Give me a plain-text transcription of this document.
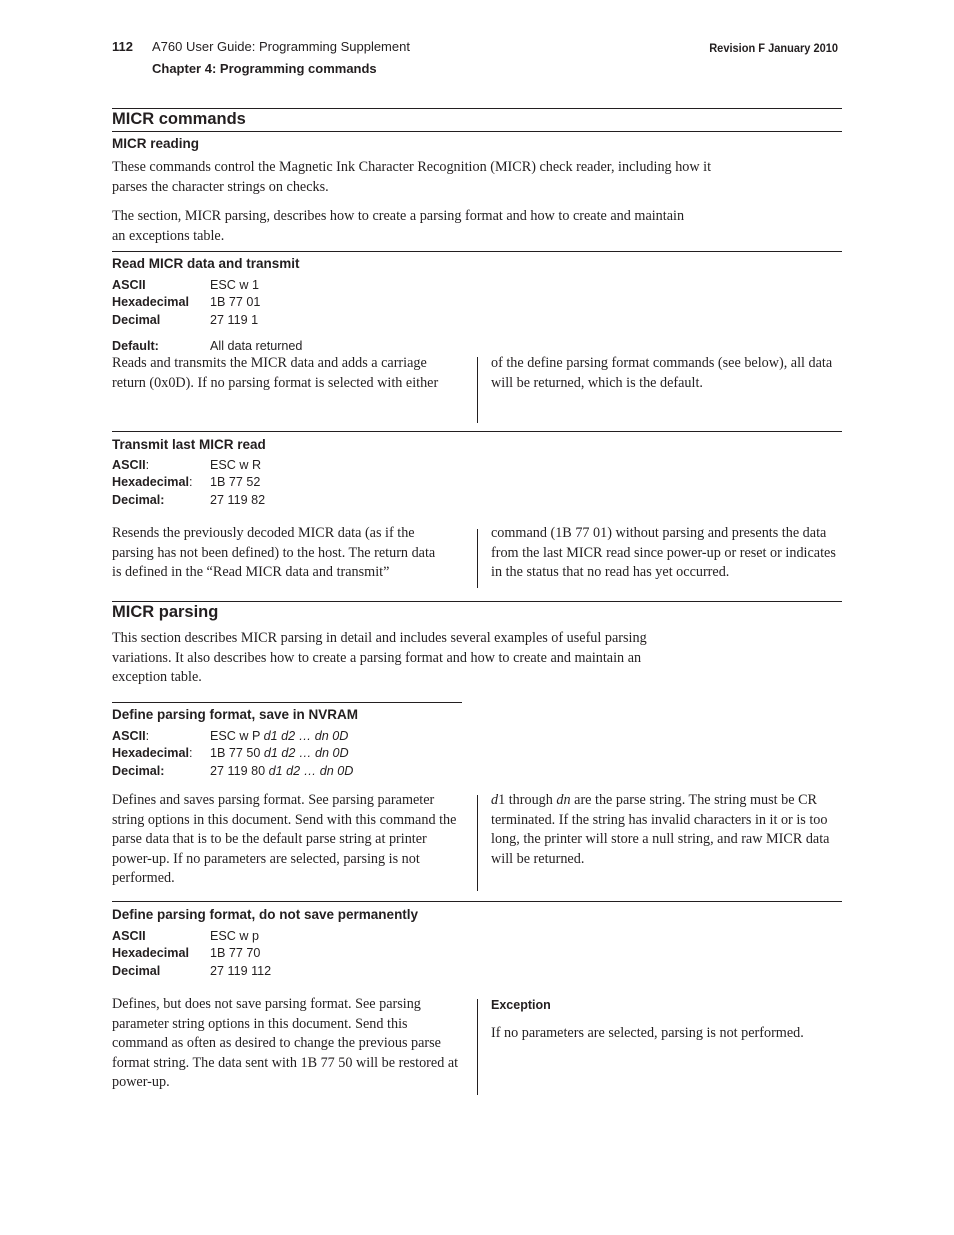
112 A760 User Guide: Programming Supplement
Chapter 4: Programming commands
Revision F January 2010
MICR commands
MICR reading
These commands control the Magnetic Ink Character Recognition (MICR) check reader, including how it parses the character strings on checks.
The section, MICR parsing, describes how to create a parsing format and how to create and maintain an exceptions table.
Read MICR data and transmit
ASCII	ESC w 1
Hexadecimal	1B 77 01
Decimal	27 119 1
Default:	All data returned
Reads and transmits the MICR data and adds a carriage return (0x0D). If no parsing format is selected with either
of the define parsing format commands (see below), all data will be returned, which is the default.
Transmit last MICR read
ASCII:	ESC w R
Hexadecimal:	1B 77 52
Decimal:	27 119 82
Resends the previously decoded MICR data (as if the parsing has not been defined) to the host. The return data is defined in the “Read MICR data and transmit”
command (1B 77 01) without parsing and presents the data from the last MICR read since power-up or reset or indicates in the status that no read has yet occurred.
MICR parsing
This section describes MICR parsing in detail and includes several examples of useful parsing variations. It also describes how to create a parsing format and how to create and maintain an exception table.
Define parsing format, save in NVRAM
ASCII:	ESC w P d1 d2 … dn 0D
Hexadecimal:	1B 77 50 d1 d2 … dn 0D
Decimal:	27 119 80 d1 d2 … dn 0D
Defines and saves parsing format. See parsing parameter string options in this document. Send with this command the parse data that is to be the default parse string at printer power-up. If no parameters are selected, parsing is not performed.
d1 through dn are the parse string. The string must be CR terminated. If the string has invalid characters in it or is too long, the printer will store a null string, and raw MICR data will be returned.
Define parsing format, do not save permanently
ASCII	ESC w p
Hexadecimal	1B 77 70
Decimal	27 119 112
Defines, but does not save parsing format. See parsing parameter string options in this document. Send this command as often as desired to change the previous parse format string. The data sent with 1B 77 50 will be restored at power-up.
Exception
If no parameters are selected, parsing is not performed.
